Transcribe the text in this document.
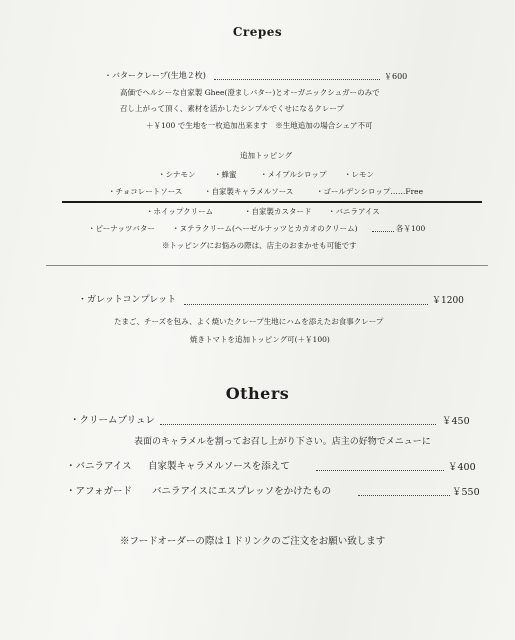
Crepes
・バタークレープ(生地２枚)	￥600
高価でヘルシーな自家製 Ghee(澄ましバター)とオーガニックシュガーのみで
召し上がって頂く、素材を活かしたシンプルでくせになるクレープ
＋￥100 で生地を一枚追加出来ます　※生地追加の場合シェア不可
追加トッピング
・シナモン ・蜂蜜	・メイプルシロップ ・レモン
・チョコレートソース	・自家製キャラメルソース	・ゴールデンシロップ……Free
・ホイップクリーム	・自家製カスタード ・バニラアイス
・ピーナッツバター ・ヌテラクリーム(ヘーゼルナッツとカカオのクリーム)	各￥100
※トッピングにお悩みの際は、店主のおまかせも可能です
・ガレットコンプレット	￥1200
たまご、チーズを包み、よく焼いたクレープ生地にハムを添えたお食事クレープ
焼きトマトを追加トッピング可(＋￥100)
Others
・クリームブリュレ	￥450
表面のキャラメルを割ってお召し上がり下さい。店主の好物でメニューに
・バニラアイス 自家製キャラメルソースを添えて	￥400
・アフォガード バニラアイスにエスプレッソをかけたもの	￥550
※フードオーダーの際は１ドリンクのご注文をお願い致します
